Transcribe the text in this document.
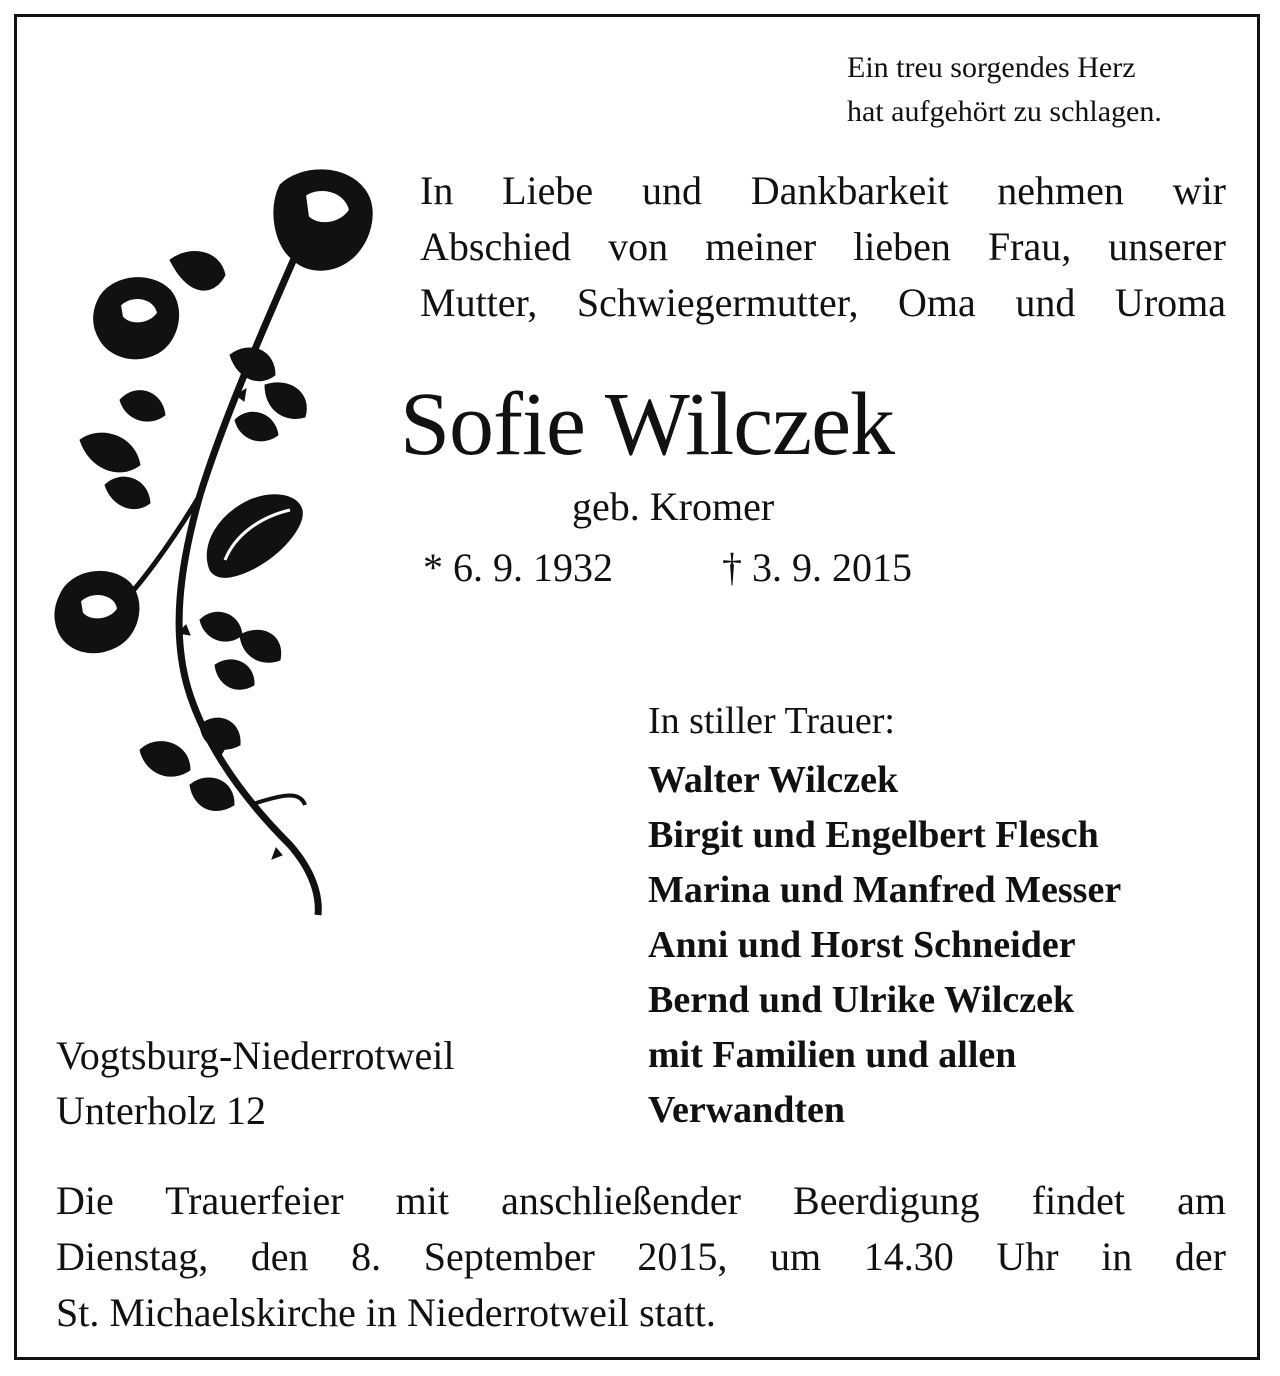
Ein treu sorgendes Herz
hat aufgehört zu schlagen.
In Liebe und Dankbarkeit nehmen wir
Abschied von meiner lieben Frau, unserer
Mutter, Schwiegermutter, Oma und Uroma
Sofie Wilczek
geb. Kromer
* 6. 9. 1932	† 3. 9. 2015
In stiller Trauer:
Walter Wilczek
Birgit und Engelbert Flesch
Marina und Manfred Messer
Anni und Horst Schneider
Bernd und Ulrike Wilczek
mit Familien und allen
Verwandten
Vogtsburg-Niederrotweil
Unterholz 12
Die Trauerfeier mit anschließender Beerdigung findet am
Dienstag, den 8. September 2015, um 14.30 Uhr in der
St. Michaelskirche in Niederrotweil statt.
